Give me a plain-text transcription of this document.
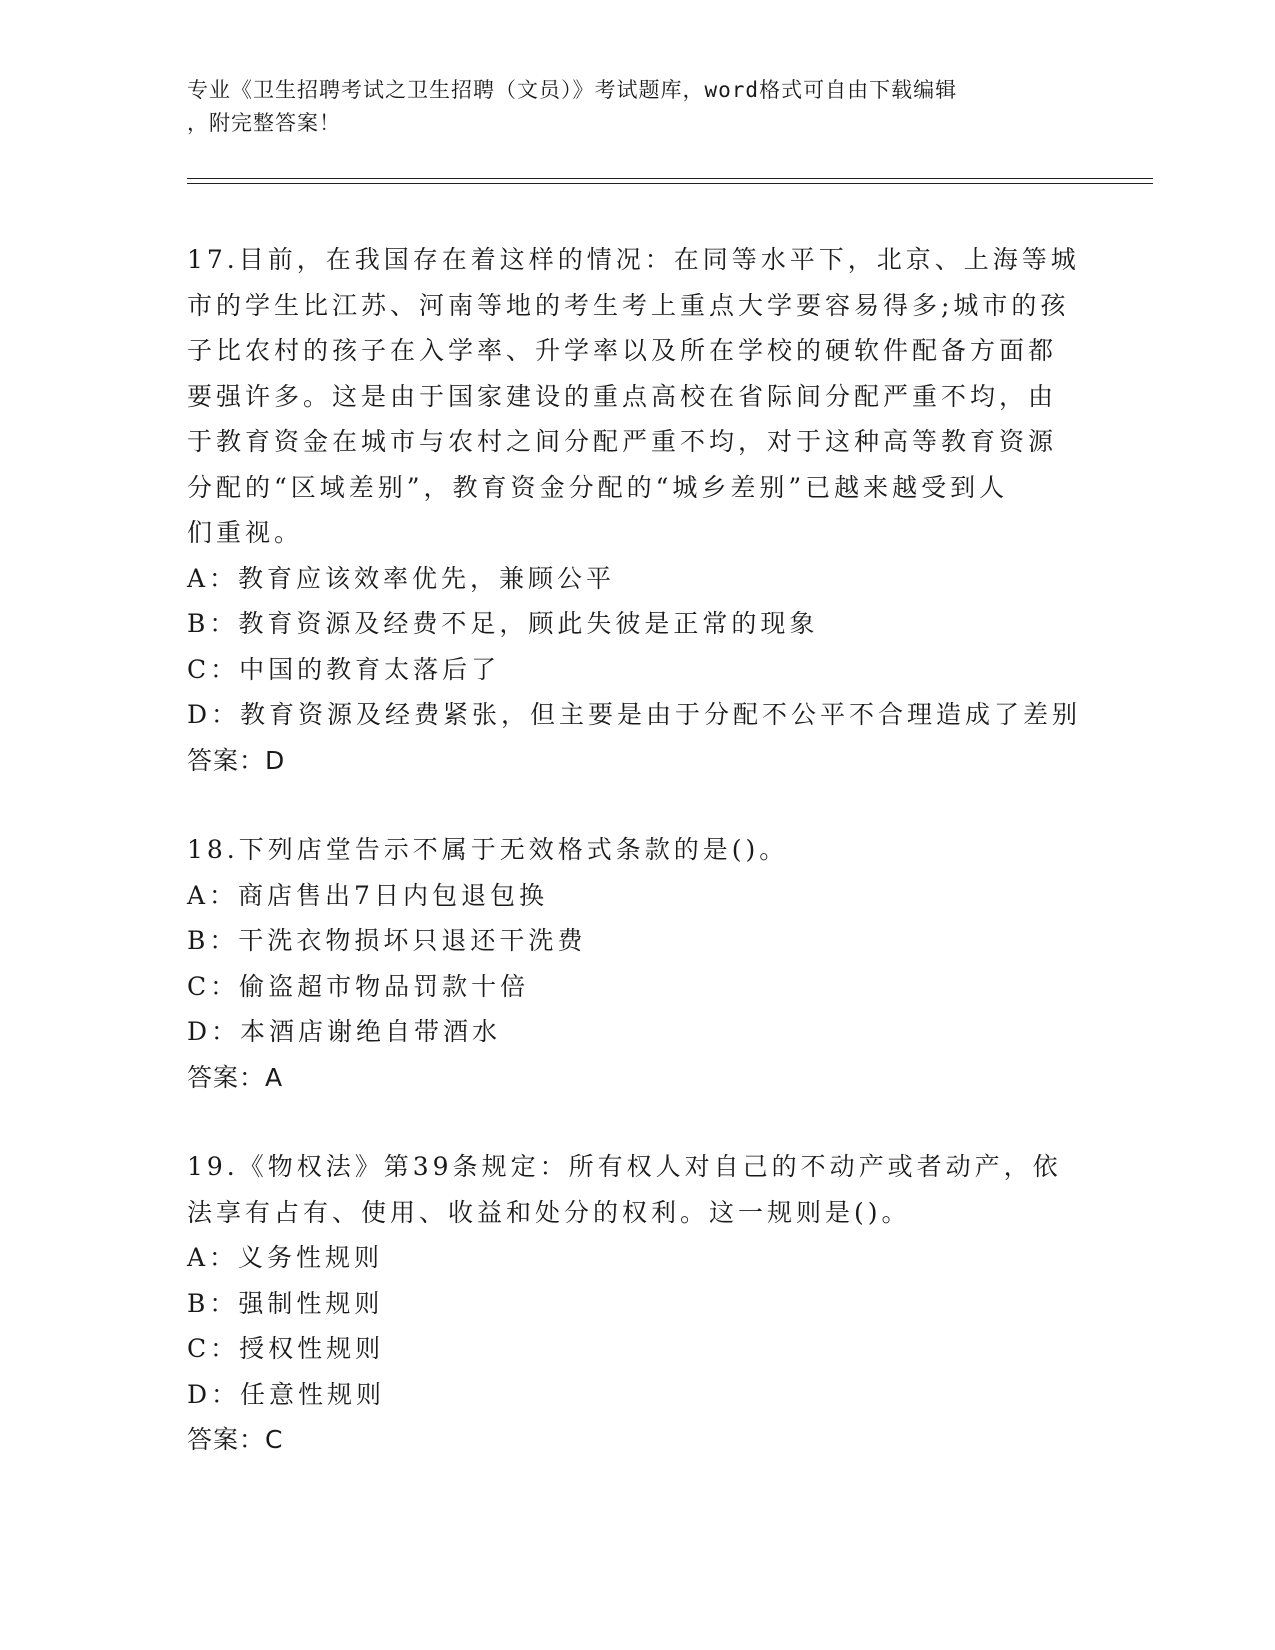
专业《卫生招聘考试之卫生招聘（文员）》考试题库，word格式可自由下载编辑
，附完整答案！
17.目前，在我国存在着这样的情况：在同等水平下，北京、上海等城
市的学生比江苏、河南等地的考生考上重点大学要容易得多;城市的孩
子比农村的孩子在入学率、升学率以及所在学校的硬软件配备方面都
要强许多。这是由于国家建设的重点高校在省际间分配严重不均，由
于教育资金在城市与农村之间分配严重不均，对于这种高等教育资源
分配的“区域差别”，教育资金分配的“城乡差别”已越来越受到人
们重视。
A：教育应该效率优先，兼顾公平
B：教育资源及经费不足，顾此失彼是正常的现象
C：中国的教育太落后了
D：教育资源及经费紧张，但主要是由于分配不公平不合理造成了差别
答案：D
18.下列店堂告示不属于无效格式条款的是()。
A：商店售出7日内包退包换
B：干洗衣物损坏只退还干洗费
C：偷盗超市物品罚款十倍
D：本酒店谢绝自带酒水
答案：A
19.《物权法》第39条规定：所有权人对自己的不动产或者动产，依
法享有占有、使用、收益和处分的权利。这一规则是()。
A：义务性规则
B：强制性规则
C：授权性规则
D：任意性规则
答案：C
